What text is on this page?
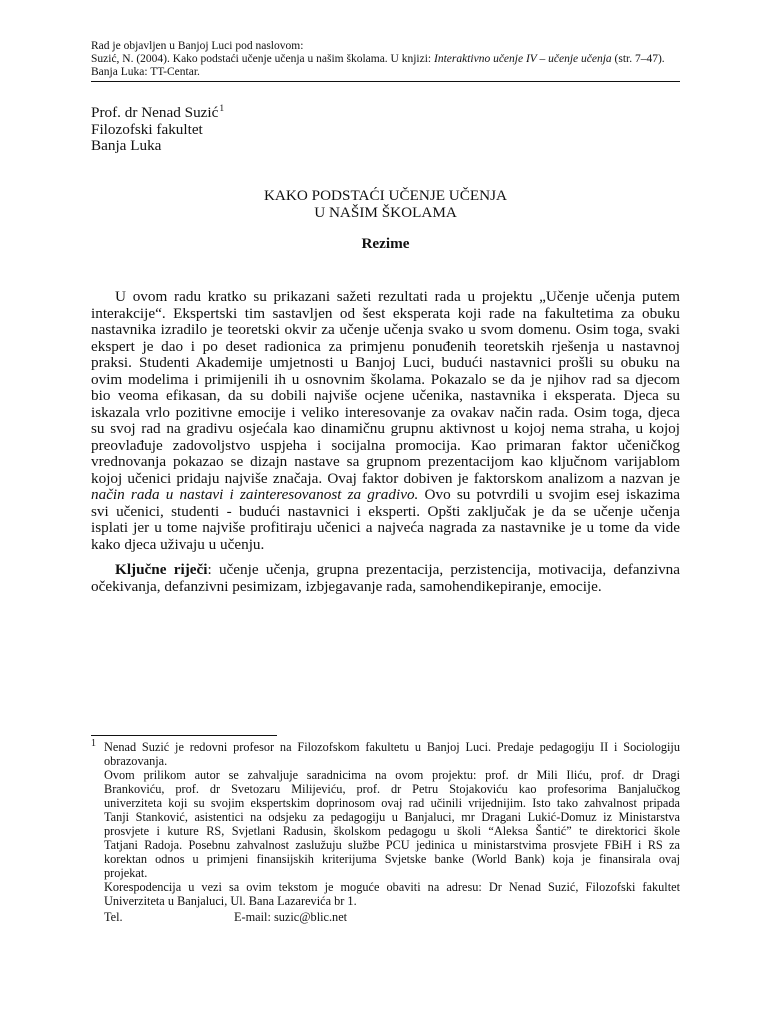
Rad je objavljen u Banjoj Luci pod naslovom:
Suzić, N. (2004). Kako podstaći učenje učenja u našim školama. U knjizi: Interaktivno učenje IV – učenje učenja (str. 7–47).
Banja Luka: TT-Centar.
Prof. dr Nenad Suzić$^1$
Filozofski fakultet
Banja Luka
KAKO PODSTAĆI UČENJE UČENJA
U NAŠIM ŠKOLAMA
Rezime
U ovom radu kratko su prikazani sažeti rezultati rada u projektu „Učenje učenja putem
interakcije“. Ekspertski tim sastavljen od šest eksperata koji rade na fakultetima za obuku
nastavnika izradilo je teoretski okvir za učenje učenja svako u svom domenu. Osim toga, svaki
ekspert je dao i po deset radionica za primjenu ponuđenih teoretskih rješenja u nastavnoj
praksi. Studenti Akademije umjetnosti u Banjoj Luci, budući nastavnici prošli su obuku na
ovim modelima i primijenili ih u osnovnim školama. Pokazalo se da je njihov rad sa djecom
bio veoma efikasan, da su dobili najviše ocjene učenika, nastavnika i eksperata. Djeca su
iskazala vrlo pozitivne emocije i veliko interesovanje za ovakav način rada. Osim toga, djeca
su svoj rad na gradivu osjećala kao dinamičnu grupnu aktivnost u kojoj nema straha, u kojoj
preovlađuje zadovoljstvo uspjeha i socijalna promocija. Kao primaran faktor učeničkog
vrednovanja pokazao se dizajn nastave sa grupnom prezentacijom kao ključnom varijablom
kojoj učenici pridaju najviše značaja. Ovaj faktor dobiven je faktorskom analizom a nazvan je
način rada u nastavi i zainteresovanost za gradivo. Ovo su potvrdili u svojim esej iskazima
svi učenici, studenti - budući nastavnici i eksperti. Opšti zaključak je da se učenje učenja
isplati jer u tome najviše profitiraju učenici a najveća nagrada za nastavnike je u tome da vide
kako djeca uživaju u učenju.
Ključne riječi: učenje učenja, grupna prezentacija, perzistencija, motivacija, defanzivna
očekivanja, defanzivni pesimizam, izbjegavanje rada, samohendikepiranje, emocije.
1 Nenad Suzić je redovni profesor na Filozofskom fakultetu u Banjoj Luci. Predaje pedagogiju II i Sociologiju
obrazovanja.
Ovom prilikom autor se zahvaljuje saradnicima na ovom projektu: prof. dr Mili Iliću, prof. dr Dragi
Brankoviću, prof. dr Svetozaru Milijeviću, prof. dr Petru Stojakoviću kao profesorima Banjalučkog
univerziteta koji su svojim ekspertskim doprinosom ovaj rad učinili vrijednijim. Isto tako zahvalnost pripada
Tanji Stanković, asistentici na odsjeku za pedagogiju u Banjaluci, mr Dragani Lukić-Domuz iz Ministarstva
prosvjete i kuture RS, Svjetlani Radusin, školskom pedagogu u školi “Aleksa Šantić” te direktorici škole
Tatjani Radoja. Posebnu zahvalnost zaslužuju službe PCU jedinica u ministarstvima prosvjete FBiH i RS za
korektan odnos u primjeni finansijskih kriterijuma Svjetske banke (World Bank) koja je finansirala ovaj
projekat.
Korespodencija u vezi sa ovim tekstom je moguće obaviti na adresu: Dr Nenad Suzić, Filozofski fakultet
Univerziteta u Banjaluci, Ul. Bana Lazarevića br 1.
Tel.	E-mail: suzic@blic.net
